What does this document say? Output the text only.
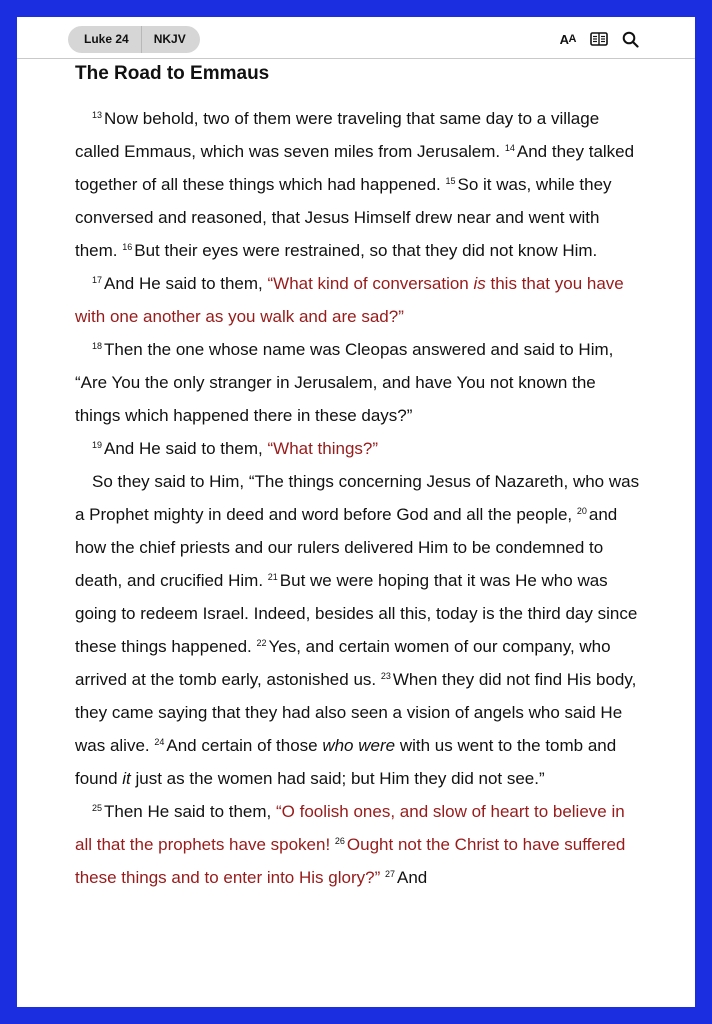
Luke 24	NKJV	A A
The Road to Emmaus

$^{13}$ Now behold, two of them were traveling that same day to a village called Emmaus, which was seven miles from Jerusalem. $^{14}$ And they talked together of all these things which had happened. $^{15}$ So it was, while they conversed and reasoned, that Jesus Himself drew near and went with them. $^{16}$ But their eyes were restrained, so that they did not know Him.

$^{17}$ And He said to them, “What kind of conversation is this that you have with one another as you walk and are sad?”

$^{18}$ Then the one whose name was Cleopas answered and said to Him, “Are You the only stranger in Jerusalem, and have You not known the things which happened there in these days?”

$^{19}$ And He said to them, “What things?”

So they said to Him, “The things concerning Jesus of Nazareth, who was a Prophet mighty in deed and word before God and all the people, $^{20}$ and how the chief priests and our rulers delivered Him to be condemned to death, and crucified Him. $^{21}$ But we were hoping that it was He who was going to redeem Israel. Indeed, besides all this, today is the third day since these things happened. $^{22}$ Yes, and certain women of our company, who arrived at the tomb early, astonished us. $^{23}$ When they did not find His body, they came saying that they had also seen a vision of angels who said He was alive. $^{24}$ And certain of those who were with us went to the tomb and found it just as the women had said; but Him they did not see.”

$^{25}$ Then He said to them, “O foolish ones, and slow of heart to believe in all that the prophets have spoken! $^{26}$ Ought not the Christ to have suffered these things and to enter into His glory?” $^{27}$ And
